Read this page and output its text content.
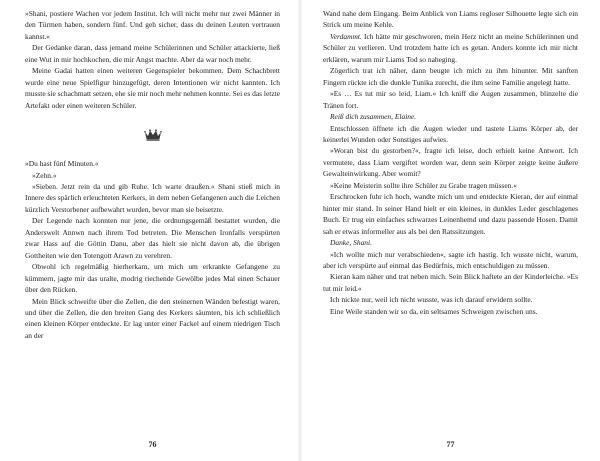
»Shani, postiere Wachen vor jedem Institut. Ich will nicht mehr nur zwei Männer in den Türmen haben, sondern fünf. Und geh sicher, dass du deinen Leuten vertrauen kannst.«

Der Gedanke daran, dass jemand meine Schülerinnen und Schüler attackierte, ließ eine Wut in mir hochkochen, die mir Angst machte. Aber da war noch mehr.

Meine Gadai hatten einen weiteren Gegenspieler bekommen. Dem Schachbrett wurde eine neue Spielfigur hinzugefügt, deren Intentionen wir nicht kannten. Ich musste sie schachmatt setzen, ehe sie mir noch mehr nehmen konnte. Sei es das letzte Artefakt oder einen weiteren Schüler.

»Du hast fünf Minuten.«

»Zehn.«

»Sieben. Jetzt rein da und gib Ruhe. Ich warte draußen.« Shani stieß mich in Innere des spärlich erleuchteten Kerkers, in dem neben Gefangenen auch die Leichen kürzlich Verstorbener aufbewahrt wurden, bevor man sie beisetzte.

Der Legende nach konnten nur jene, die ordnungsgemäß bestattet wurden, die Anderswelt Annwn nach ihrem Tod betreten. Die Menschen Ironfalls verspürten zwar Hass auf die Göttin Danu, aber das hielt sie nicht davon ab, die übrigen Gottheiten wie den Totengott Arawn zu verehren.

Obwohl ich regelmäßig hierherkam, um mich um erkrankte Gefangene zu kümmern, jagte mir das uralte, modrig riechende Gewölbe jedes Mal einen Schauer über den Rücken.

Mein Blick schweifte über die Zellen, die den steinernen Wänden befestigt waren, und über die Zellen, die den breiten Gang des Kerkers säumten, bis ich schließlich einen kleinen Körper entdeckte. Er lag unter einer Fackel auf einem niedrigen Tisch an der

Wand nahe dem Eingang. Beim Anblick von Liams regloser Silhouette legte sich ein Strick um meine Kehle.

Verdammt. Ich hätte mir geschworen, mein Herz nicht an meine Schülerinnen und Schüler zu verlieren. Und trotzdem hatte ich es getan. Anders konnte ich mir nicht erklären, warum mir Liams Tod so naheging.

Zögerlich trat ich näher, dann beugte ich mich zu ihm hinunter. Mit sanften Fingern rückte ich die dunkle Tunika zurecht, die ihm seine Familie angelegt hatte.

»Es … Es tut mir so leid, Liam.« Ich kniff die Augen zusammen, blinzelte die Tränen fort.

Reiß dich zusammen, Elaine.

Entschlossen öffnete ich die Augen wieder und tastete Liams Körper ab, der keinerlei Wunden oder Sonstiges aufwies.

»Woran bist du gestorben?«, fragte ich leise, doch erhielt keine Antwort. Ich vermutete, dass Liam vergiftet worden war, denn sein Körper zeigte keine äußere Gewalteinwirkung. Aber womit?

»Keine Meisterin sollte ihre Schüler zu Grabe tragen müssen.«

Erschrocken fuhr ich hoch, wandte mich um und entdeckte Kieran, der auf einmal hinter mir stand. In seiner Hand hielt er ein kleines, in dunkles Leder geschlagenes Buch. Er trug ein einfaches schwarzes Leinenhemd und dazu passende Hosen. Damit sah er etwas informeller aus als bei den Ratssitzungen.

Danke, Shani.

»Ich wollte mich nur verabschieden«, sagte ich hastig. Ich wusste nicht, warum, aber ich verspürte auf einmal das Bedürfnis, mich entschuldigen zu müssen.

Kieran kam näher und trat neben mich. Sein Blick haftete an der Kinderleiche. »Es tut mir leid.«

Ich nickte nur, weil ich nicht wusste, was ich darauf erwidern sollte.

Eine Weile standen wir so da, ein seltsames Schweigen zwischen uns.

76	77
